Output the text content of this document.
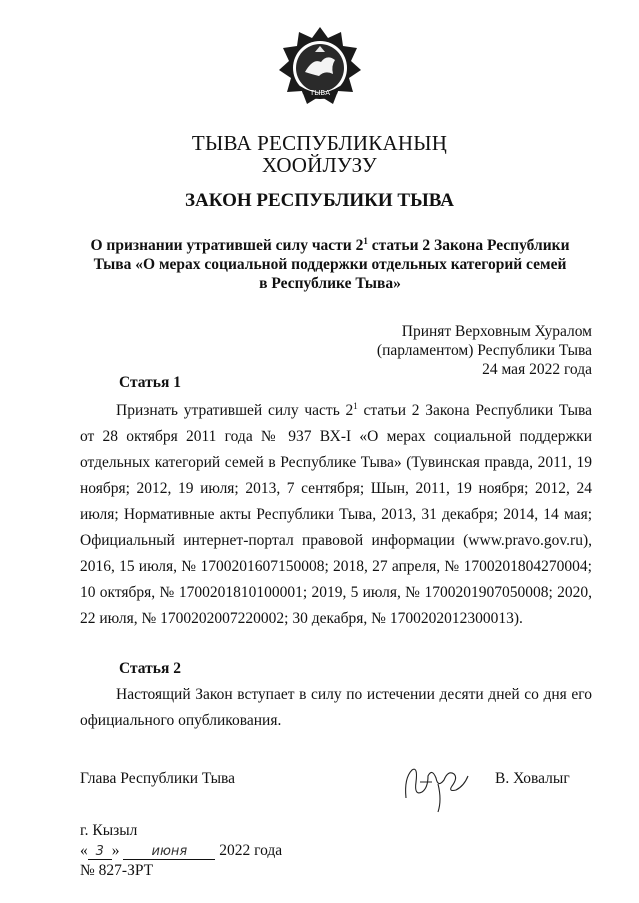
ТЫВА
ТЫВА РЕСПУБЛИКАНЫҢ
ХООЙЛУЗУ
ЗАКОН РЕСПУБЛИКИ ТЫВА
О признании утратившей силу части $2^1$ статьи 2 Закона Республики
Тыва «О мерах социальной поддержки отдельных категорий семей
в Республике Тыва»
Принят Верховным Хуралом
(парламентом) Республики Тыва
24 мая 2022 года
Статья 1
Признать утратившей силу часть $2^1$ статьи 2 Закона Республики Тыва от 28 октября 2011 года № 937 ВХ-I «О мерах социальной поддержки отдельных категорий семей в Республике Тыва» (Тувинская правда, 2011, 19 ноября; 2012, 19 июля; 2013, 7 сентября; Шын, 2011, 19 ноября; 2012, 24 июля; Нормативные акты Республики Тыва, 2013, 31 декабря; 2014, 14 мая; Официальный интернет-портал правовой информации (www.pravo.gov.ru), 2016, 15 июля, № 1700201607150008; 2018, 27 апреля, № 1700201804270004; 10 октября, № 1700201810100001; 2019, 5 июля, № 1700201907050008; 2020, 22 июля, № 1700202007220002; 30 декабря, № 1700202012300013).
Статья 2
Настоящий Закон вступает в силу по истечении десяти дней со дня его официального опубликования.
Глава Республики Тыва	В. Ховалыг
г. Кызыл
« 3 » июня 2022 года
№ 827-ЗРТ
